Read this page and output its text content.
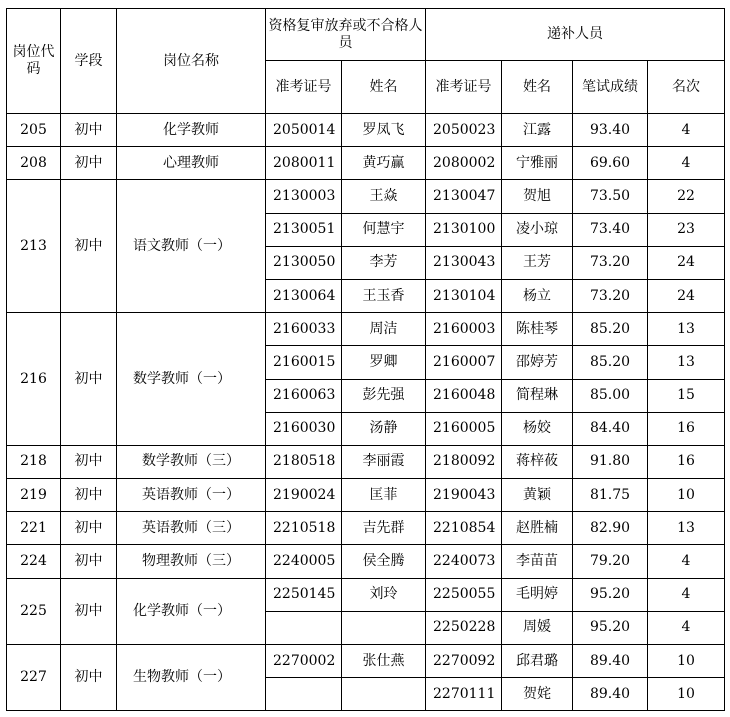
岗位代码	学段	岗位名称	资格复审放弃或不合格人员		递补人员			
			准考证号	姓名	准考证号	姓名	笔试成绩	名次
205	初中	化学教师	2050014	罗凤飞	2050023	江露	93.40	4
208	初中	心理教师	2080011	黄巧赢	2080002	宁雅丽	69.60	4
213	初中	语文教师（一）	2130003	王焱	2130047	贺旭	73.50	22
			2130051	何慧宇	2130100	凌小琼	73.40	23
			2130050	李芳	2130043	王芳	73.20	24
			2130064	王玉香	2130104	杨立	73.20	24
216	初中	数学教师（一）	2160033	周洁	2160003	陈桂琴	85.20	13
			2160015	罗卿	2160007	邵婷芳	85.20	13
			2160063	彭先强	2160048	简程琳	85.00	15
			2160030	汤静	2160005	杨姣	84.40	16
218	初中	数学教师（三）	2180518	李丽霞	2180092	蒋梓莜	91.80	16
219	初中	英语教师（一）	2190024	匡菲	2190043	黄颖	81.75	10
221	初中	英语教师（三）	2210518	吉先群	2210854	赵胜楠	82.90	13
224	初中	物理教师（三）	2240005	侯全腾	2240073	李苗苗	79.20	4
225	初中	化学教师（一）	2250145	刘玲	2250055	毛明婷	95.20	4
					2250228	周媛	95.20	4
227	初中	生物教师（一）	2270002	张仕燕	2270092	邱君璐	89.40	10
					2270111	贺姹	89.40	10
